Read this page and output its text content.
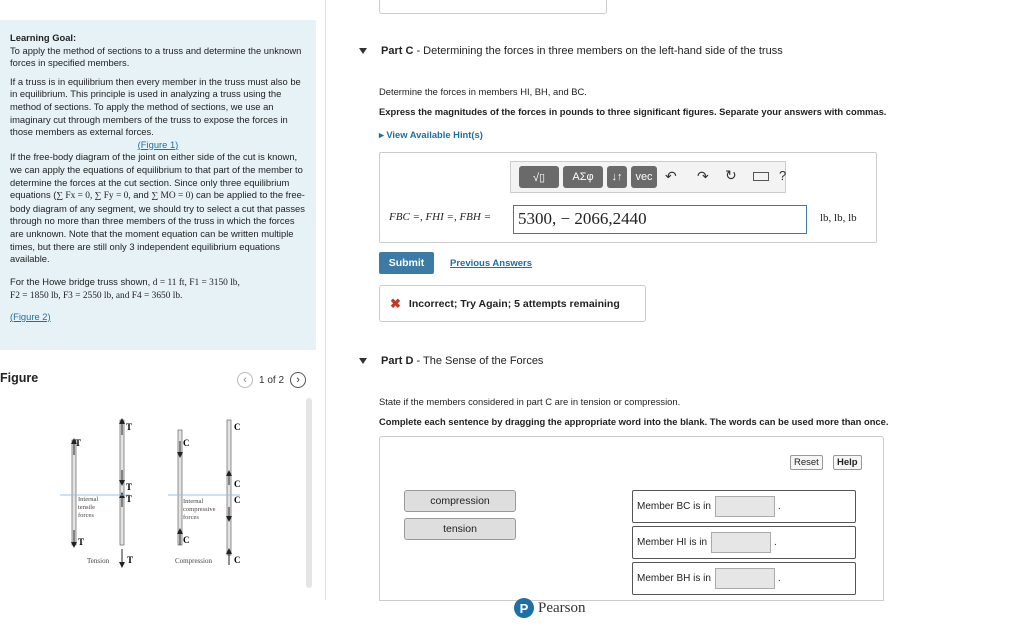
Learning Goal:

To apply the method of sections to a truss and determine the unknown forces in specified members.

If a truss is in equilibrium then every member in the truss must also be in equilibrium. This principle is used in analyzing a truss using the method of sections. To apply the method of sections, we use an imaginary cut through members of the truss to expose the forces in those members as external forces.

(Figure 1)

If the free-body diagram of the joint on either side of the cut is known, we can apply the equations of equilibrium to that part of the member to determine the forces at the cut section. Since only three equilibrium equations (∑ Fx = 0, ∑ Fy = 0, and ∑ MO = 0) can be applied to the free-body diagram of any segment, we should try to select a cut that passes through no more than three members of the truss in which the forces are unknown. Note that the moment equation can be written multiple times, but there are still only 3 independent equilibrium equations available.

For the Howe bridge truss shown, d = 11 ft, F1 = 3150 lb,
F2 = 1850 lb, F3 = 2550 lb, and F4 = 3650 lb.

(Figure 2)

Figure	‹	1 of 2	›
T
T
T
T
T
T
Internal
tensile
forces
Tension
C
C
C
C
C
C
Internal
compressive
forces
Compression
Part C - Determining the forces in three members on the left-hand side of the truss
Determine the forces in members HI, BH, and BC.
Express the magnitudes of the forces in pounds to three significant figures. Separate your answers with commas.
▸ View Available Hint(s)
√▯	ΑΣφ	↓↑	vec ↶ ↷ ↻	?
FBC =, FHI =, FBH = 5300, − 2066,2440	lb, lb, lb
Submit	Previous Answers
✖ Incorrect; Try Again; 5 attempts remaining
Part D - The Sense of the Forces
State if the members considered in part C are in tension or compression.
Complete each sentence by dragging the appropriate word into the blank. The words can be used more than once.
Reset	Help
compression
tension
Member BC is in	.
Member HI is in	.
Member BH is in	.
P Pearson
